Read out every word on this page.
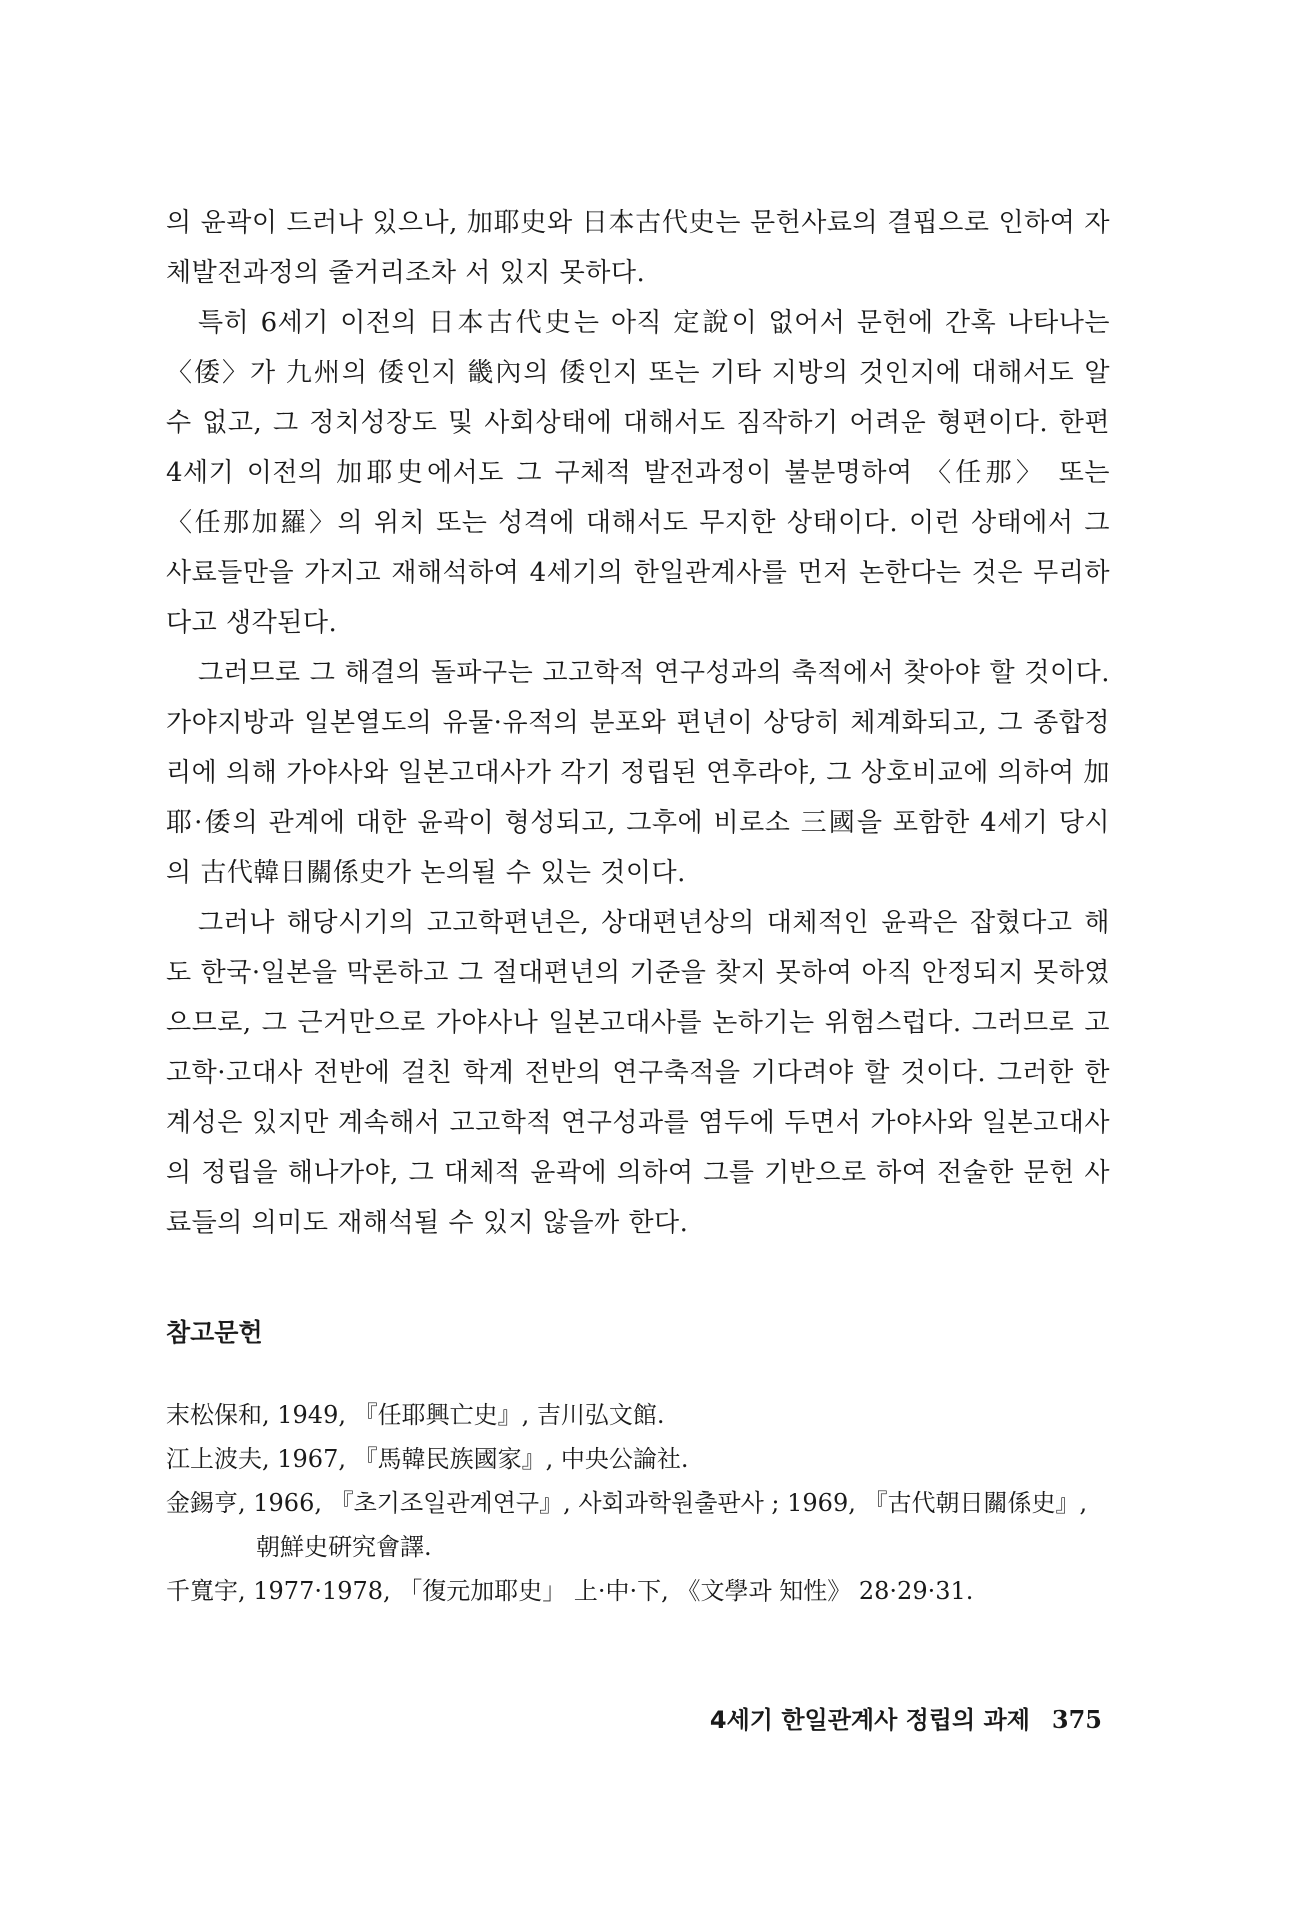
의 윤곽이 드러나 있으나, 加耶史와 日本古代史는 문헌사료의 결핍으로 인하여 자체발전과정의 줄거리조차 서 있지 못하다.

특히 6세기 이전의 日本古代史는 아직 定說이 없어서 문헌에 간혹 나타나는 〈倭〉가 九州의 倭인지 畿內의 倭인지 또는 기타 지방의 것인지에 대해서도 알 수 없고, 그 정치성장도 및 사회상태에 대해서도 짐작하기 어려운 형편이다. 한편 4세기 이전의 加耶史에서도 그 구체적 발전과정이 불분명하여 〈任那〉 또는 〈任那加羅〉의 위치 또는 성격에 대해서도 무지한 상태이다. 이런 상태에서 그 사료들만을 가지고 재해석하여 4세기의 한일관계사를 먼저 논한다는 것은 무리하다고 생각된다.

그러므로 그 해결의 돌파구는 고고학적 연구성과의 축적에서 찾아야 할 것이다. 가야지방과 일본열도의 유물·유적의 분포와 편년이 상당히 체계화되고, 그 종합정리에 의해 가야사와 일본고대사가 각기 정립된 연후라야, 그 상호비교에 의하여 加耶·倭의 관계에 대한 윤곽이 형성되고, 그후에 비로소 三國을 포함한 4세기 당시의 古代韓日關係史가 논의될 수 있는 것이다.

그러나 해당시기의 고고학편년은, 상대편년상의 대체적인 윤곽은 잡혔다고 해도 한국·일본을 막론하고 그 절대편년의 기준을 찾지 못하여 아직 안정되지 못하였으므로, 그 근거만으로 가야사나 일본고대사를 논하기는 위험스럽다. 그러므로 고고학·고대사 전반에 걸친 학계 전반의 연구축적을 기다려야 할 것이다. 그러한 한계성은 있지만 계속해서 고고학적 연구성과를 염두에 두면서 가야사와 일본고대사의 정립을 해나가야, 그 대체적 윤곽에 의하여 그를 기반으로 하여 전술한 문헌 사료들의 의미도 재해석될 수 있지 않을까 한다.

참고문헌
末松保和, 1949, 『任耶興亡史』, 吉川弘文館.
江上波夫, 1967, 『馬韓民族國家』, 中央公論社.
金錫亨, 1966, 『초기조일관계연구』, 사회과학원출판사 ; 1969, 『古代朝日關係史』, 朝鮮史硏究會譯.
千寬宇, 1977·1978, 「復元加耶史」 上·中·下, 《文學과 知性》 28·29·31.
4세기 한일관계사 정립의 과제 375
